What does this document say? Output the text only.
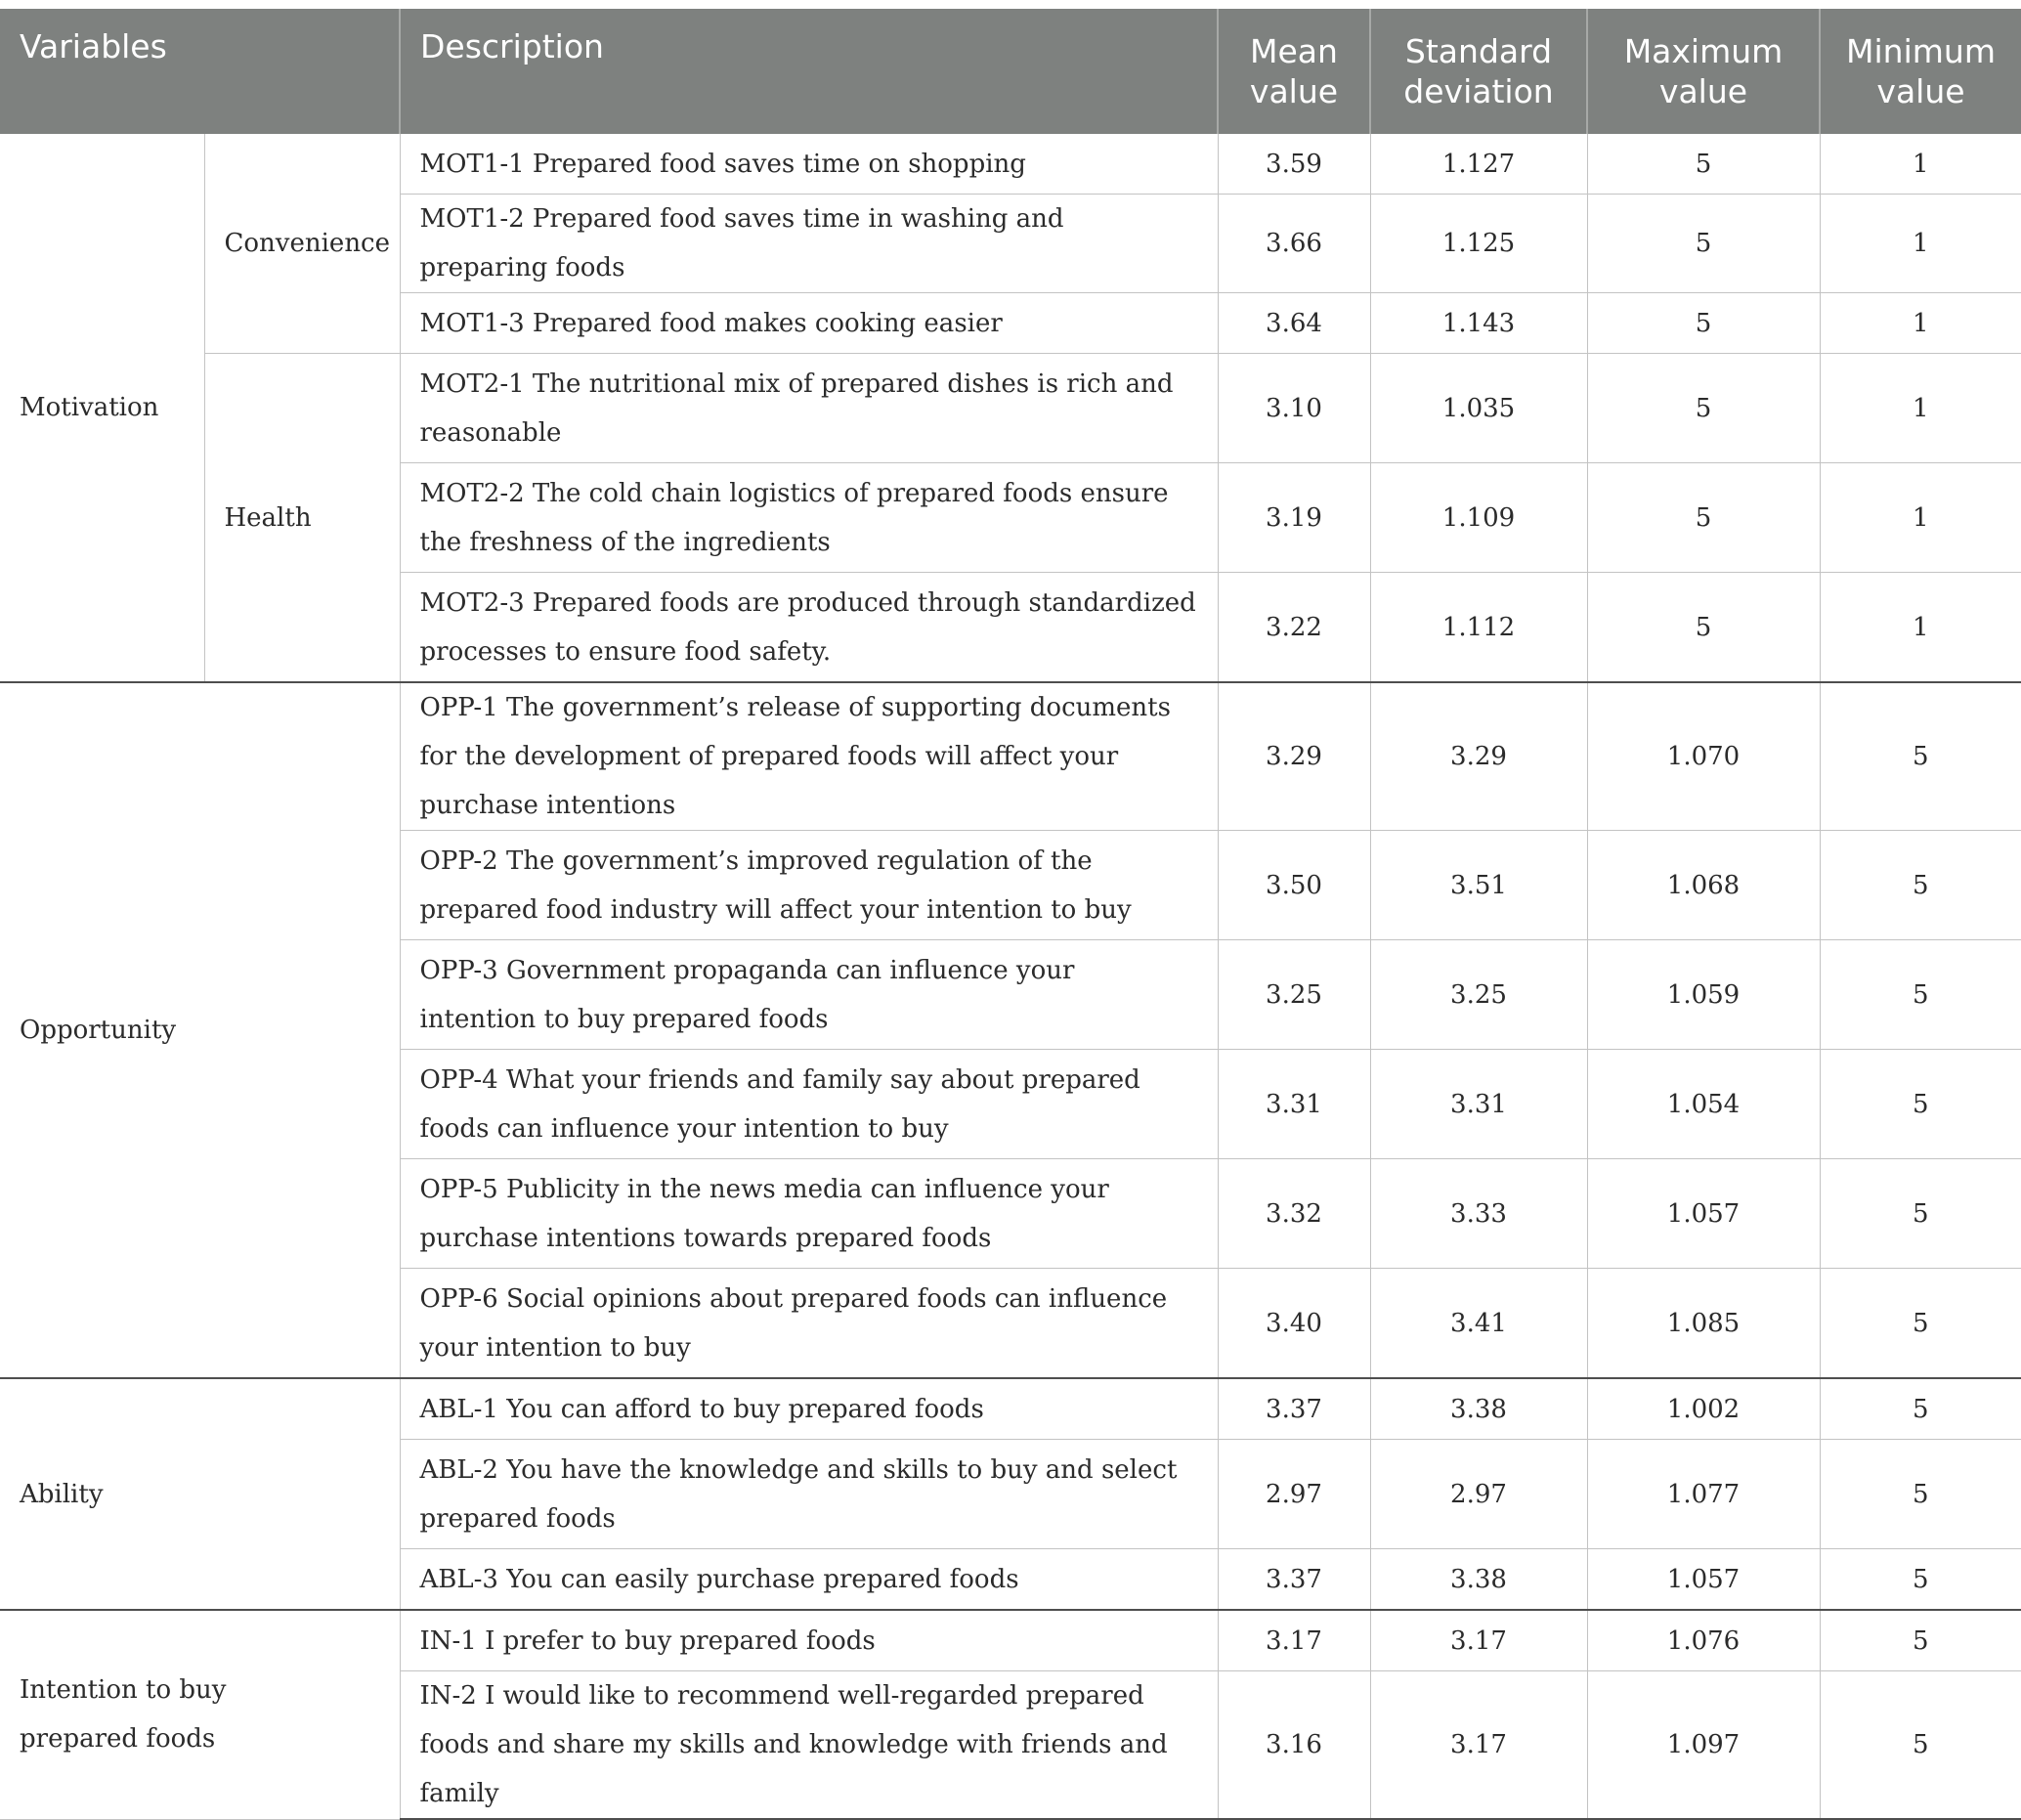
Variables		Description	Mean value	Standard deviation	Maximum value	Minimum value
Motivation	Convenience	MOT1-1 Prepared food saves time on shopping	3.59	1.127	5	1
		MOT1-2 Prepared food saves time in washing and preparing foods	3.66	1.125	5	1
		MOT1-3 Prepared food makes cooking easier	3.64	1.143	5	1
	Health	MOT2-1 The nutritional mix of prepared dishes is rich and reasonable	3.10	1.035	5	1
		MOT2-2 The cold chain logistics of prepared foods ensure the freshness of the ingredients	3.19	1.109	5	1
		MOT2-3 Prepared foods are produced through standardized processes to ensure food safety.	3.22	1.112	5	1
Opportunity		OPP-1 The government’s release of supporting documents for the development of prepared foods will affect your purchase intentions	3.29	3.29	1.070	5
		OPP-2 The government’s improved regulation of the prepared food industry will affect your intention to buy	3.50	3.51	1.068	5
		OPP-3 Government propaganda can influence your intention to buy prepared foods	3.25	3.25	1.059	5
		OPP-4 What your friends and family say about prepared foods can influence your intention to buy	3.31	3.31	1.054	5
		OPP-5 Publicity in the news media can influence your purchase intentions towards prepared foods	3.32	3.33	1.057	5
		OPP-6 Social opinions about prepared foods can influence your intention to buy	3.40	3.41	1.085	5
Ability		ABL-1 You can afford to buy prepared foods	3.37	3.38	1.002	5
		ABL-2 You have the knowledge and skills to buy and select prepared foods	2.97	2.97	1.077	5
		ABL-3 You can easily purchase prepared foods	3.37	3.38	1.057	5
Intention to buy prepared foods		IN-1 I prefer to buy prepared foods	3.17	3.17	1.076	5
		IN-2 I would like to recommend well-regarded prepared foods and share my skills and knowledge with friends and family	3.16	3.17	1.097	5
